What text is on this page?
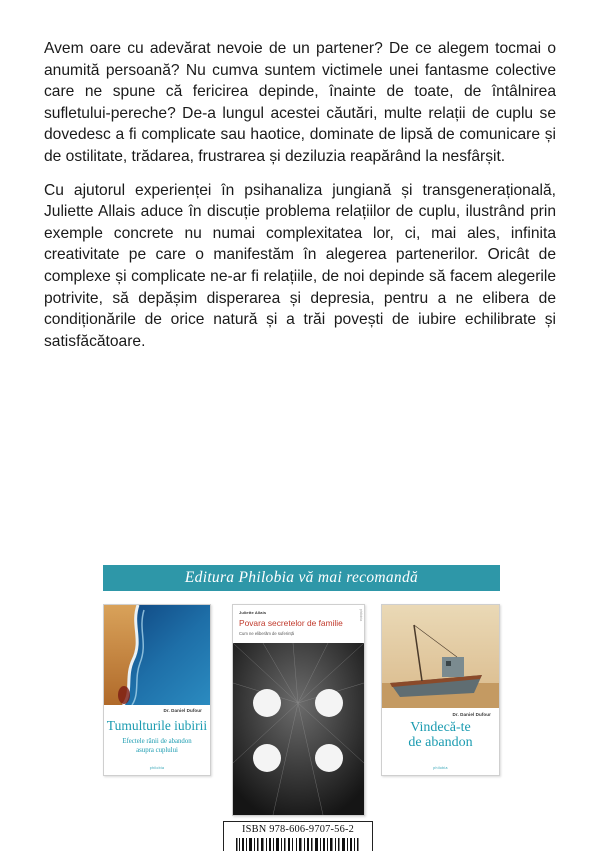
Avem oare cu adevărat nevoie de un partener? De ce alegem tocmai o anumită persoană? Nu cumva suntem victimele unei fantasme colective care ne spune că fericirea depinde, înainte de toate, de întâlnirea sufletului-pereche? De-a lungul acestei căutări, multe relații de cuplu se dovedesc a fi complicate sau haotice, dominate de lipsă de comunicare și de ostilitate, trădarea, frustrarea și deziluzia reapărând la nesfârșit.

Cu ajutorul experienței în psihanaliza jungiană și transgenerațională, Juliette Allais aduce în discuție problema relațiilor de cuplu, ilustrând prin exemple concrete nu numai complexitatea lor, ci, mai ales, infinita creativitate pe care o manifestăm în alegerea partenerilor. Oricât de complexe și complicate ne-ar fi relațiile, de noi depinde să facem alegerile potrivite, să depășim disperarea și depresia, pentru a ne elibera de condiționările de orice natură și a trăi povești de iubire echilibrate și satisfăcătoare.

Editura Philobia vă mai recomandă
Dr. Daniel Dufour
Tumulturile iubirii
Efectele rănii de abandon
asupra cuplului
philobia
Juliette Allais
Povara secretelor de familie
Cum ne eliberăm de suferință
philobia
Dr. Daniel Dufour
Vindecă-te
de abandon
philobia
ISBN 978-606-9707-56-2
